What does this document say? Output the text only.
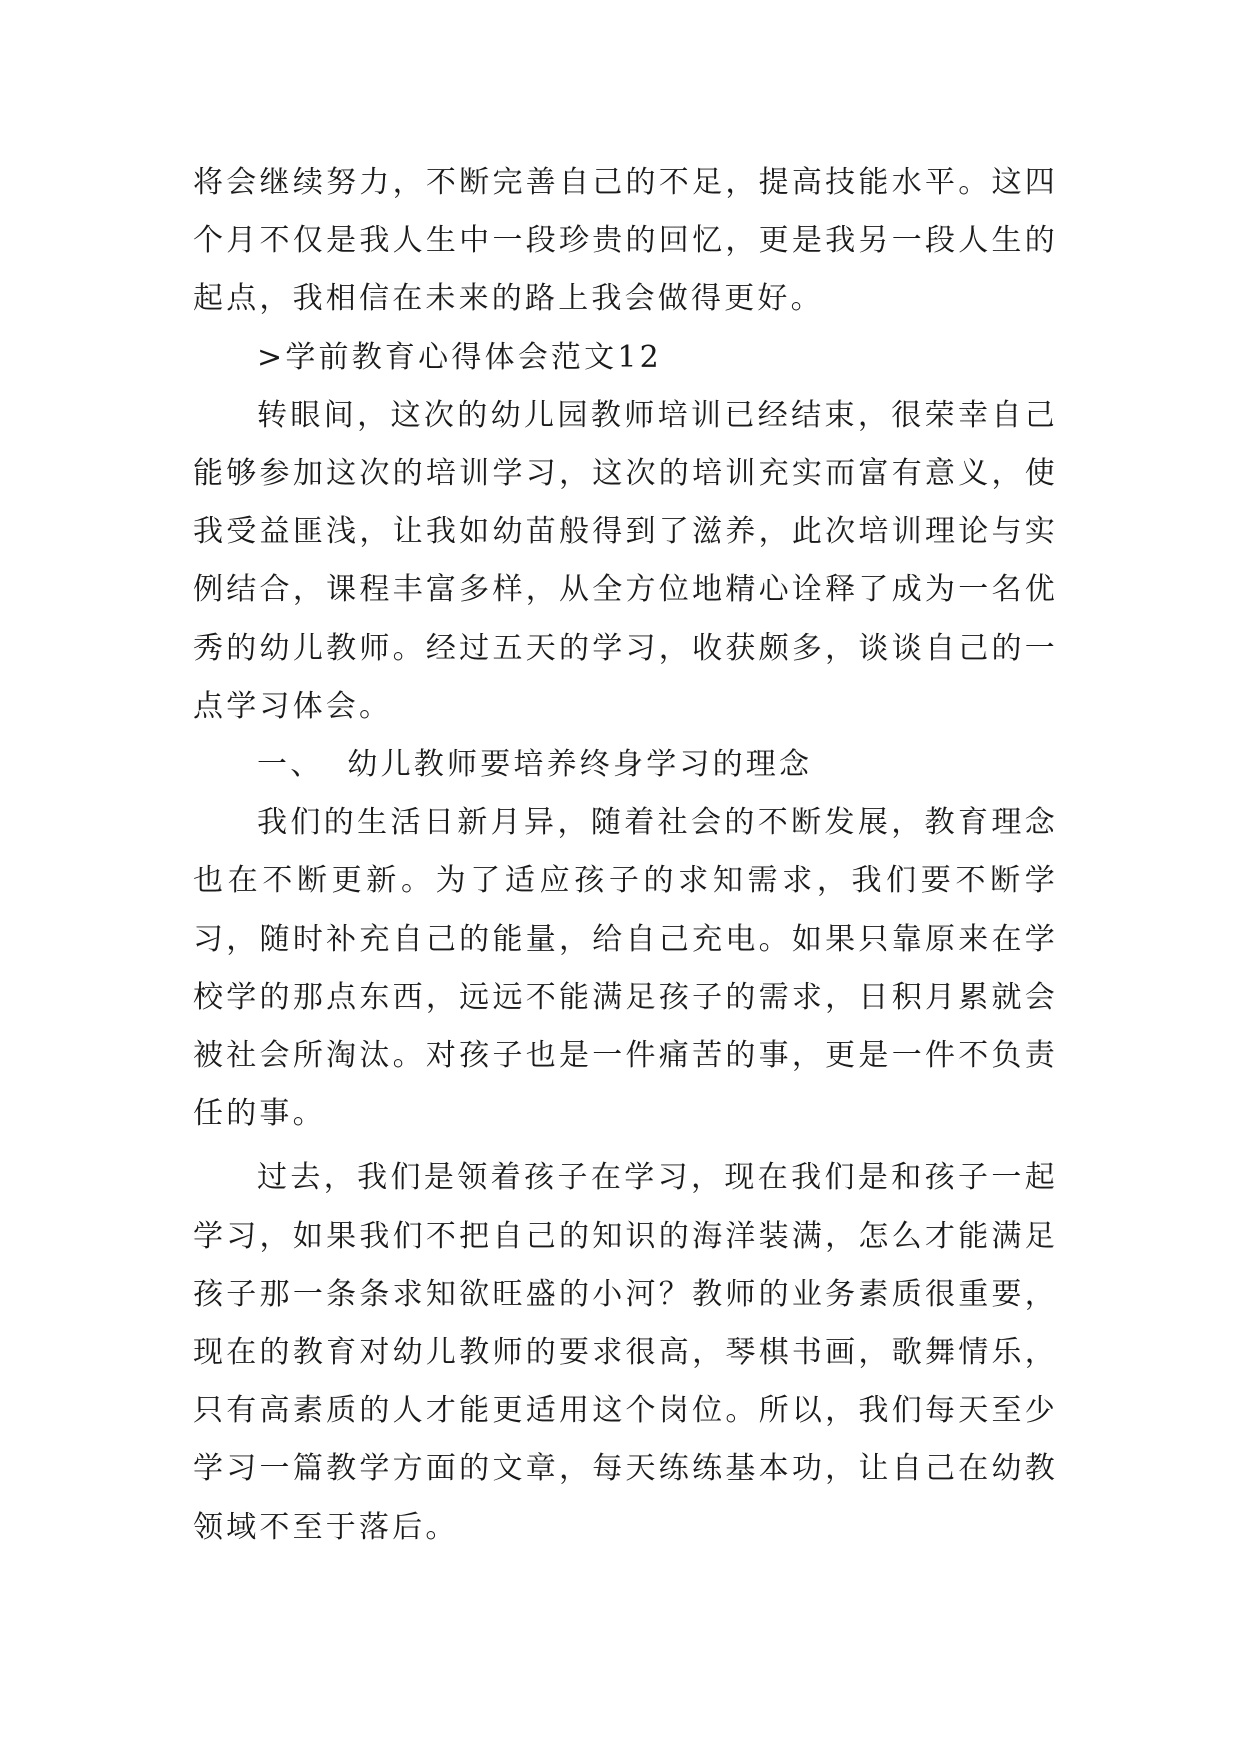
将会继续努力，不断完善自己的不足，提高技能水平。这四个月不仅是我人生中一段珍贵的回忆，更是我另一段人生的起点，我相信在未来的路上我会做得更好。

>学前教育心得体会范文12

转眼间，这次的幼儿园教师培训已经结束，很荣幸自己能够参加这次的培训学习，这次的培训充实而富有意义，使我受益匪浅，让我如幼苗般得到了滋养，此次培训理论与实例结合，课程丰富多样，从全方位地精心诠释了成为一名优秀的幼儿教师。经过五天的学习，收获颇多，谈谈自己的一点学习体会。

一、 幼儿教师要培养终身学习的理念

我们的生活日新月异，随着社会的不断发展，教育理念也在不断更新。为了适应孩子的求知需求，我们要不断学习，随时补充自己的能量，给自己充电。如果只靠原来在学校学的那点东西，远远不能满足孩子的需求，日积月累就会被社会所淘汰。对孩子也是一件痛苦的事，更是一件不负责任的事。

过去，我们是领着孩子在学习，现在我们是和孩子一起学习，如果我们不把自己的知识的海洋装满，怎么才能满足孩子那一条条求知欲旺盛的小河？教师的业务素质很重要，现在的教育对幼儿教师的要求很高，琴棋书画，歌舞情乐，只有高素质的人才能更适用这个岗位。所以，我们每天至少学习一篇教学方面的文章，每天练练基本功，让自己在幼教领域不至于落后。
